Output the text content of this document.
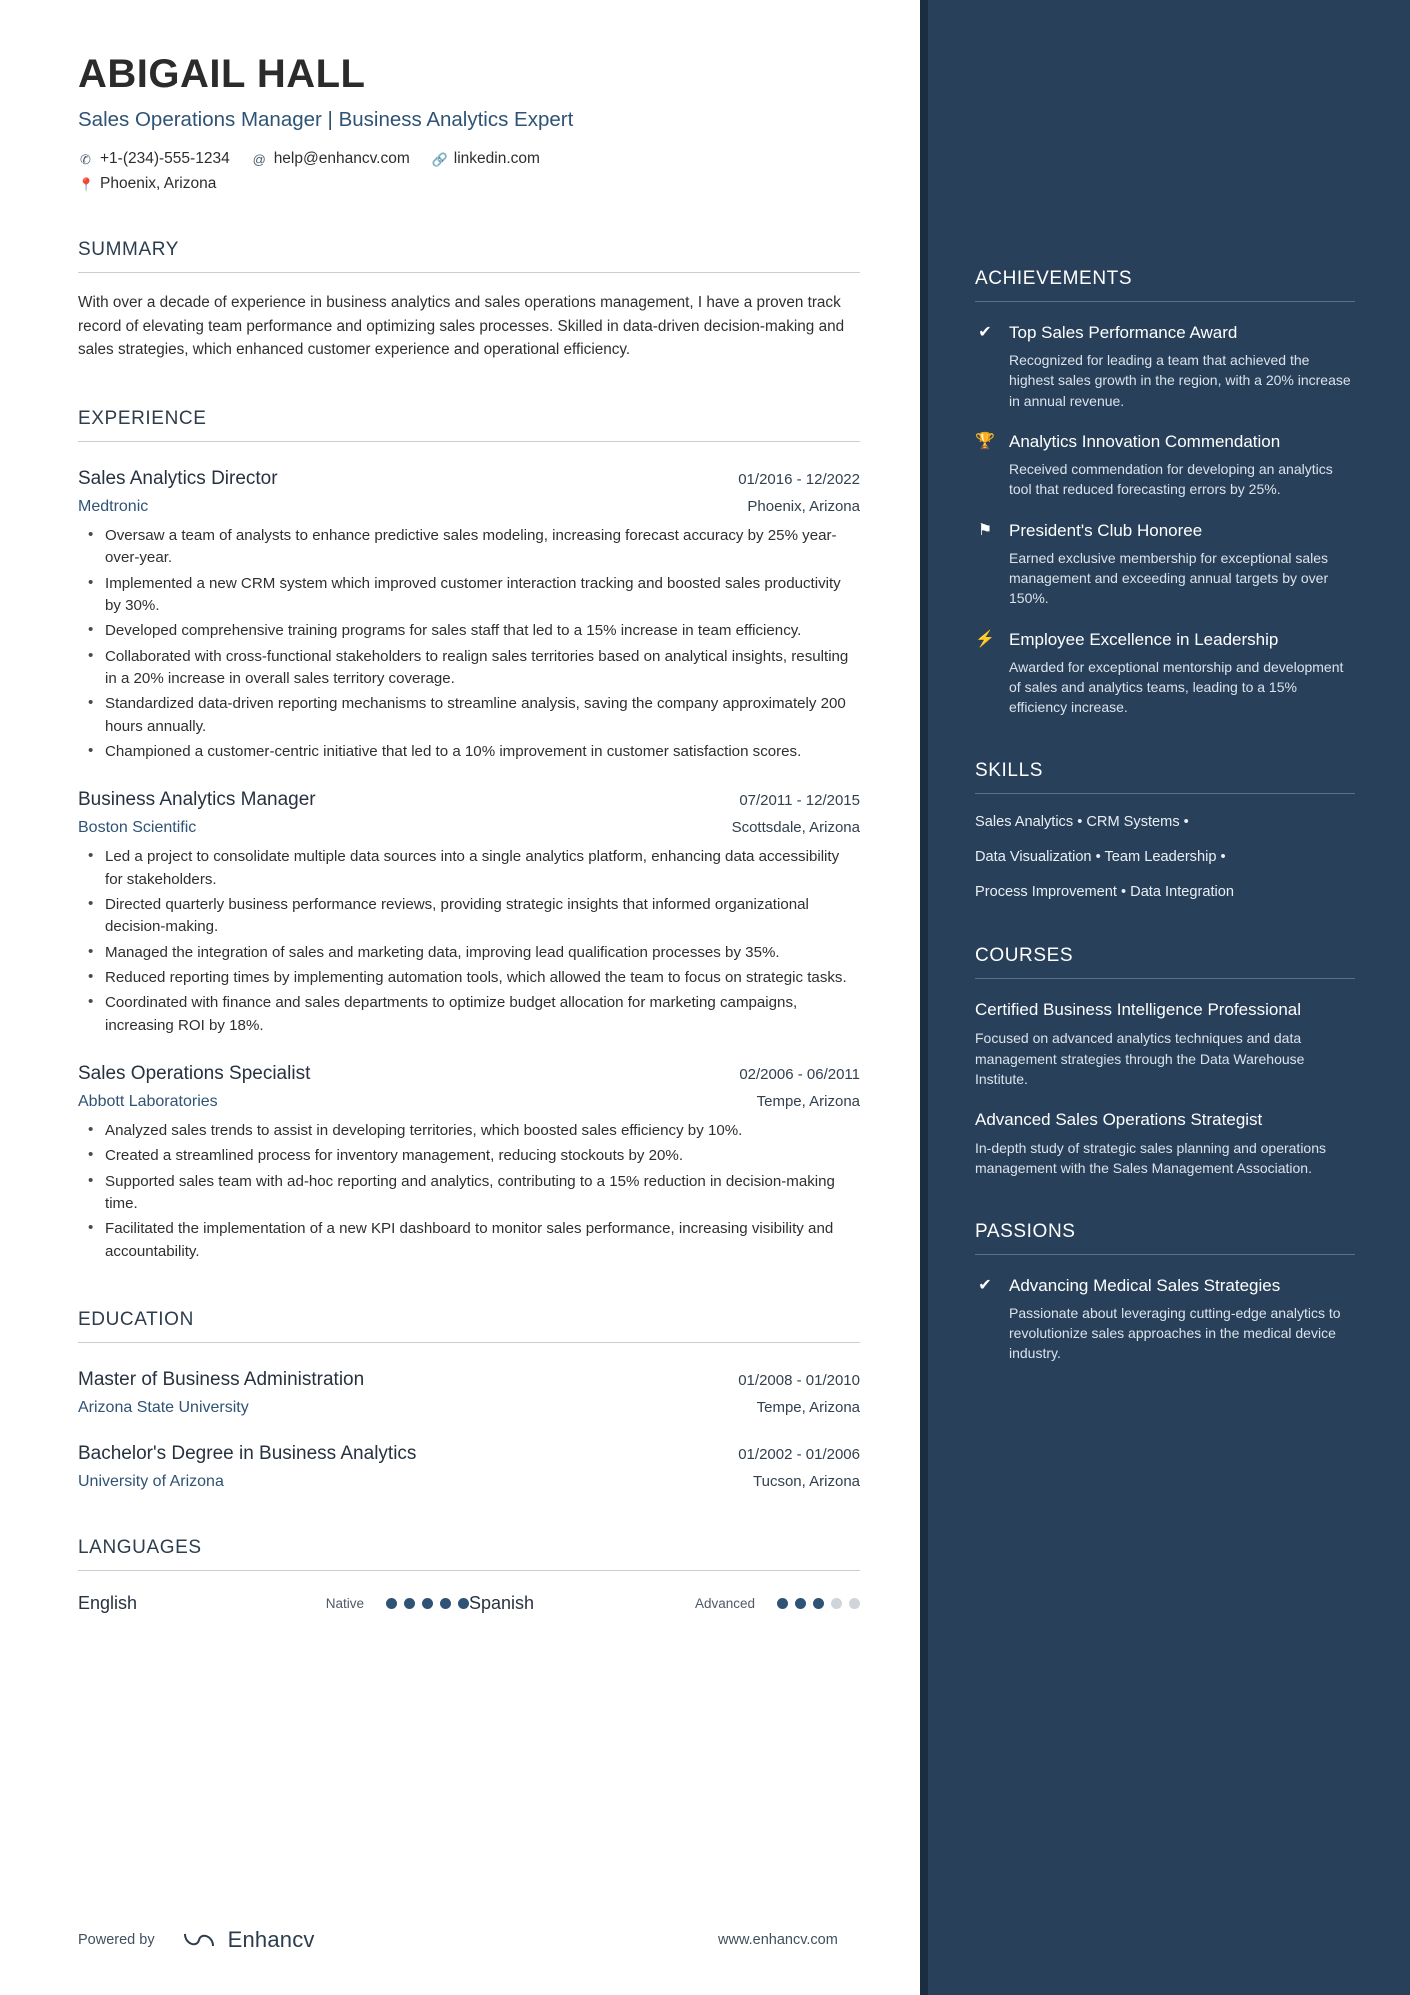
ABIGAIL HALL
Sales Operations Manager | Business Analytics Expert
✆ +1-(234)-555-1234 @ help@enhancv.com 🔗 linkedin.com
📍 Phoenix, Arizona
SUMMARY

With over a decade of experience in business analytics and sales operations management, I have a proven track record of elevating team performance and optimizing sales processes. Skilled in data-driven decision-making and sales strategies, which enhanced customer experience and operational efficiency.

EXPERIENCE
Sales Analytics Director	01/2016 - 12/2022
Medtronic	Phoenix, Arizona
• Oversaw a team of analysts to enhance predictive sales modeling, increasing forecast accuracy by 25% year-over-year.
• Implemented a new CRM system which improved customer interaction tracking and boosted sales productivity by 30%.
• Developed comprehensive training programs for sales staff that led to a 15% increase in team efficiency.
• Collaborated with cross-functional stakeholders to realign sales territories based on analytical insights, resulting in a 20% increase in overall sales territory coverage.
• Standardized data-driven reporting mechanisms to streamline analysis, saving the company approximately 200 hours annually.
• Championed a customer-centric initiative that led to a 10% improvement in customer satisfaction scores.
Business Analytics Manager	07/2011 - 12/2015
Boston Scientific	Scottsdale, Arizona
• Led a project to consolidate multiple data sources into a single analytics platform, enhancing data accessibility for stakeholders.
• Directed quarterly business performance reviews, providing strategic insights that informed organizational decision-making.
• Managed the integration of sales and marketing data, improving lead qualification processes by 35%.
• Reduced reporting times by implementing automation tools, which allowed the team to focus on strategic tasks.
• Coordinated with finance and sales departments to optimize budget allocation for marketing campaigns, increasing ROI by 18%.
Sales Operations Specialist	02/2006 - 06/2011
Abbott Laboratories	Tempe, Arizona
• Analyzed sales trends to assist in developing territories, which boosted sales efficiency by 10%.
• Created a streamlined process for inventory management, reducing stockouts by 20%.
• Supported sales team with ad-hoc reporting and analytics, contributing to a 15% reduction in decision-making time.
• Facilitated the implementation of a new KPI dashboard to monitor sales performance, increasing visibility and accountability.
EDUCATION
Master of Business Administration	01/2008 - 01/2010
Arizona State University	Tempe, Arizona
Bachelor's Degree in Business Analytics	01/2002 - 01/2006
University of Arizona	Tucson, Arizona
LANGUAGES
English	Native	Spanish	Advanced
Powered by	Enhancv	www.enhancv.com
ACHIEVEMENTS
✔ Top Sales Performance Award
Recognized for leading a team that achieved the highest sales growth in the region, with a 20% increase in annual revenue.
🏆 Analytics Innovation Commendation
Received commendation for developing an analytics tool that reduced forecasting errors by 25%.
⚑ President's Club Honoree
Earned exclusive membership for exceptional sales management and exceeding annual targets by over 150%.
⚡ Employee Excellence in Leadership
Awarded for exceptional mentorship and development of sales and analytics teams, leading to a 15% efficiency increase.
SKILLS
Sales Analytics • CRM Systems •
Data Visualization • Team Leadership •
Process Improvement • Data Integration
COURSES
Certified Business Intelligence Professional
Focused on advanced analytics techniques and data management strategies through the Data Warehouse Institute.
Advanced Sales Operations Strategist
In-depth study of strategic sales planning and operations management with the Sales Management Association.
PASSIONS
✔ Advancing Medical Sales Strategies
Passionate about leveraging cutting-edge analytics to revolutionize sales approaches in the medical device industry.
